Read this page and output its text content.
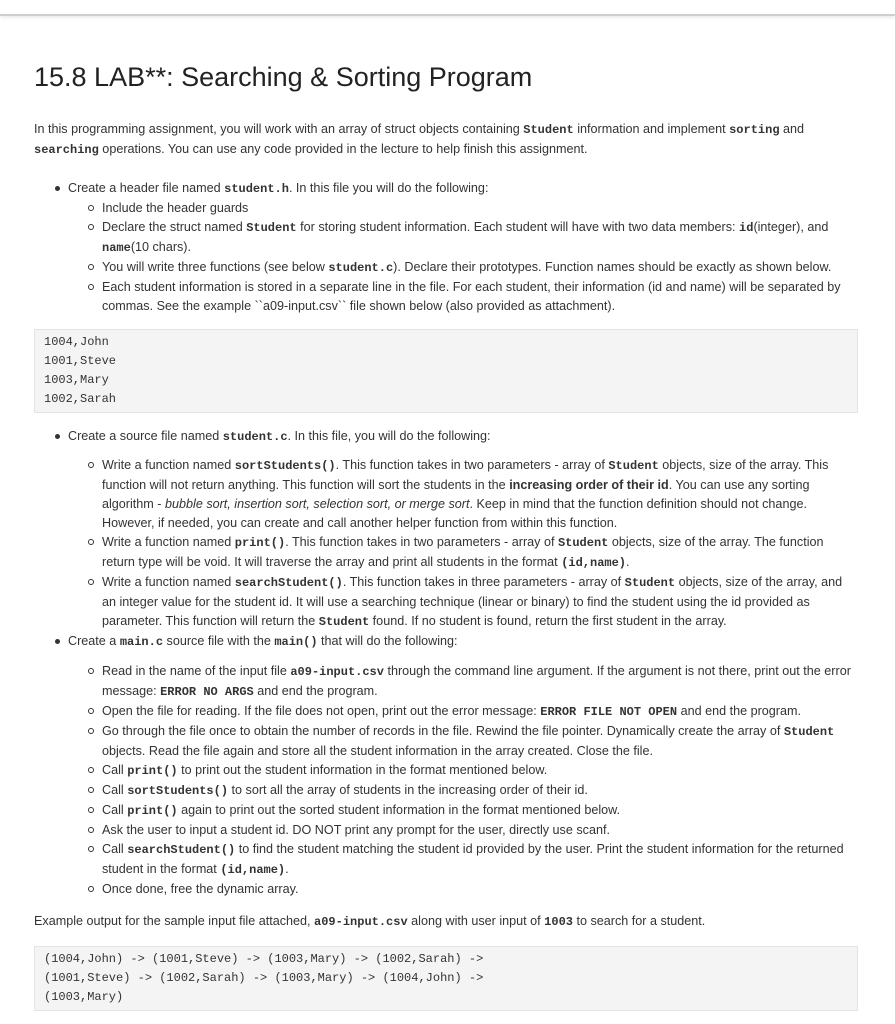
15.8 LAB**: Searching & Sorting Program

In this programming assignment, you will work with an array of struct objects containing Student information and implement sorting and searching operations. You can use any code provided in the lecture to help finish this assignment.

Create a header file named student.h. In this file you will do the following:
Include the header guards
Declare the struct named Student for storing student information. Each student will have with two data members: id(integer), and name(10 chars).
You will write three functions (see below student.c). Declare their prototypes. Function names should be exactly as shown below.
Each student information is stored in a separate line in the file. For each student, their information (id and name) will be separated by commas. See the example ``a09-input.csv`` file shown below (also provided as attachment).
1004,John
1001,Steve
1003,Mary
1002,Sarah
Create a source file named student.c. In this file, you will do the following:
Write a function named sortStudents(). This function takes in two parameters - array of Student objects, size of the array. This function will not return anything. This function will sort the students in the increasing order of their id. You can use any sorting algorithm - bubble sort, insertion sort, selection sort, or merge sort. Keep in mind that the function definition should not change. However, if needed, you can create and call another helper function from within this function.
Write a function named print(). This function takes in two parameters - array of Student objects, size of the array. The function return type will be void. It will traverse the array and print all students in the format (id,name).
Write a function named searchStudent(). This function takes in three parameters - array of Student objects, size of the array, and an integer value for the student id. It will use a searching technique (linear or binary) to find the student using the id provided as parameter. This function will return the Student found. If no student is found, return the first student in the array.
Create a main.c source file with the main() that will do the following:
Read in the name of the input file a09-input.csv through the command line argument. If the argument is not there, print out the error message: ERROR NO ARGS and end the program.
Open the file for reading. If the file does not open, print out the error message: ERROR FILE NOT OPEN and end the program.
Go through the file once to obtain the number of records in the file. Rewind the file pointer. Dynamically create the array of Student objects. Read the file again and store all the student information in the array created. Close the file.
Call print() to print out the student information in the format mentioned below.
Call sortStudents() to sort all the array of students in the increasing order of their id.
Call print() again to print out the sorted student information in the format mentioned below.
Ask the user to input a student id. DO NOT print any prompt for the user, directly use scanf.
Call searchStudent() to find the student matching the student id provided by the user. Print the student information for the returned student in the format (id,name).
Once done, free the dynamic array.

Example output for the sample input file attached, a09-input.csv along with user input of 1003 to search for a student.

(1004,John) -> (1001,Steve) -> (1003,Mary) -> (1002,Sarah) ->
(1001,Steve) -> (1002,Sarah) -> (1003,Mary) -> (1004,John) ->
(1003,Mary)
